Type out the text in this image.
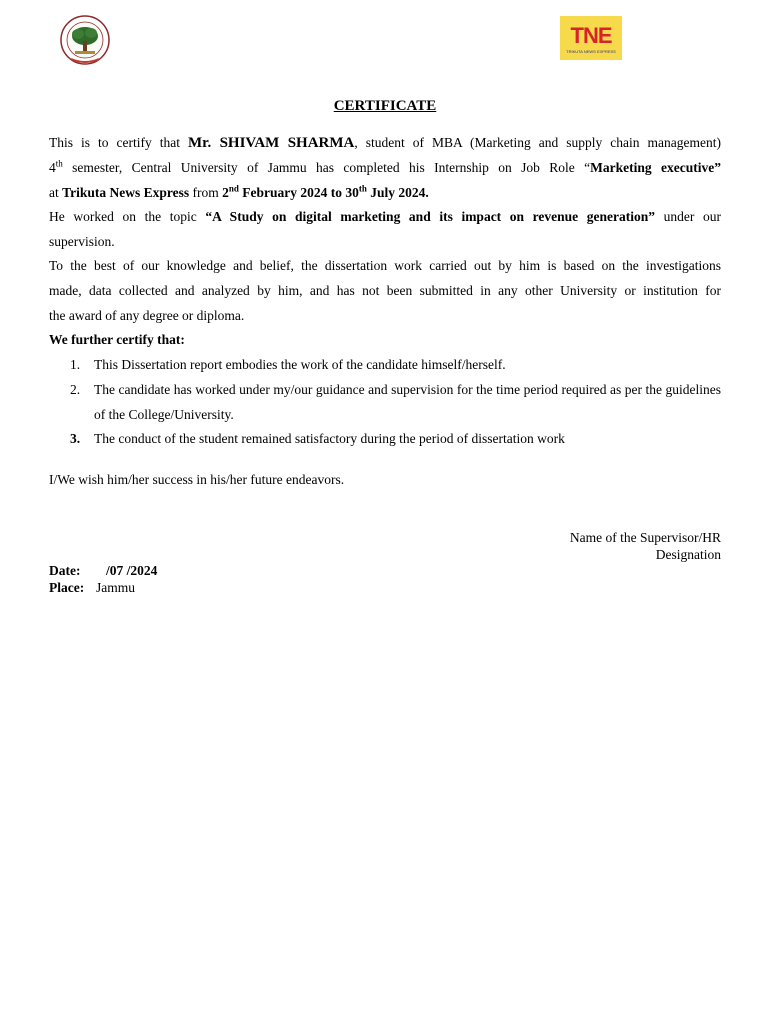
TNE
TRIKUTA NEWS EXPRESS
CERTIFICATE
This is to certify that Mr. SHIVAM SHARMA, student of MBA (Marketing and supply chain management)
4th semester, Central University of Jammu has completed his Internship on Job Role “Marketing executive”
at Trikuta News Express from 2nd February 2024 to 30th July 2024.
He worked on the topic “A Study on digital marketing and its impact on revenue generation” under our
supervision.
To the best of our knowledge and belief, the dissertation work carried out by him is based on the investigations
made, data collected and analyzed by him, and has not been submitted in any other University or institution for
the award of any degree or diploma.
We further certify that:
1. This Dissertation report embodies the work of the candidate himself/herself.
2. The candidate has worked under my/our guidance and supervision for the time period required as per the guidelines of the College/University.
3. The conduct of the student remained satisfactory during the period of dissertation work
I/We wish him/her success in his/her future endeavors.
Name of the Supervisor/HR
Designation
Date: /07 /2024
Place: Jammu
